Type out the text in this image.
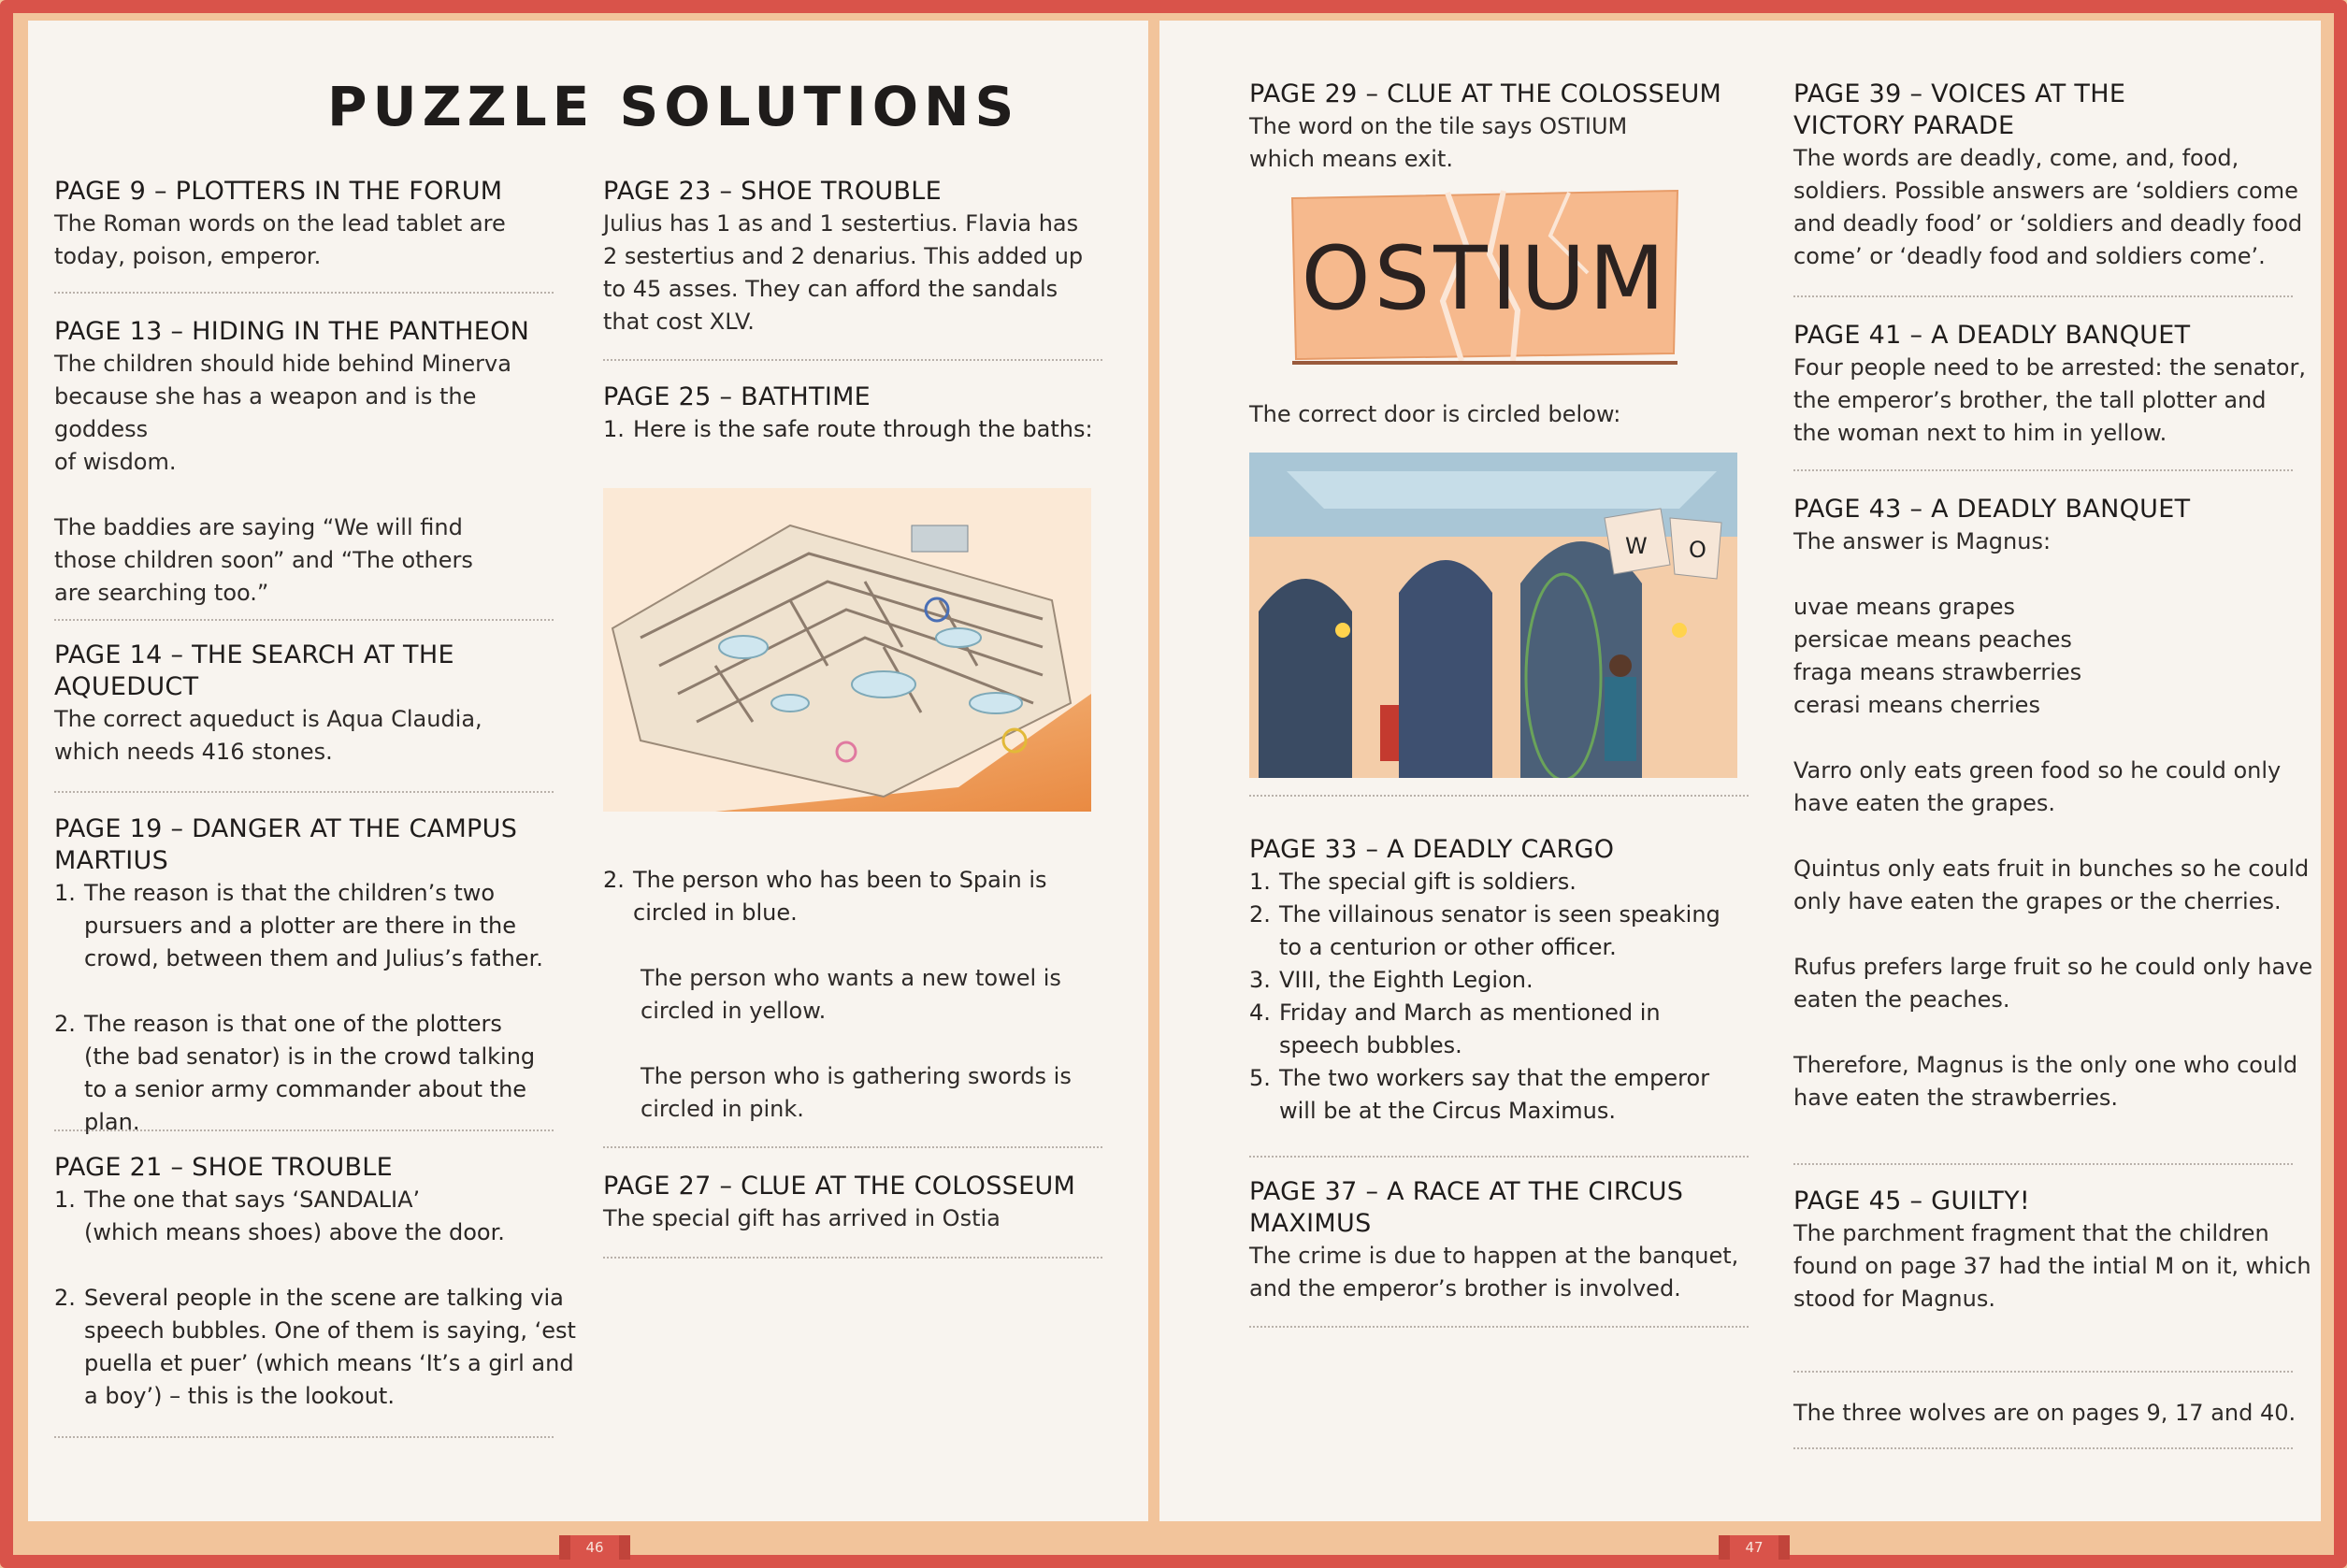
PUZZLE SOLUTIONS
PAGE 9 – PLOTTERS IN THE FORUM

The Roman words on the lead tablet are

today, poison, emperor.

PAGE 13 – HIDING IN THE PANTHEON

The children should hide behind Minerva

because she has a weapon and is the goddess

of wisdom.

The baddies are saying “We will find

those children soon” and “The others

are searching too.”

PAGE 14 – THE SEARCH AT THE
AQUEDUCT

The correct aqueduct is Aqua Claudia,

which needs 416 stones.

PAGE 19 – DANGER AT THE CAMPUS
MARTIUS
1. The reason is that the children’s two
pursuers and a plotter are there in the
crowd, between them and Julius’s father.
2. The reason is that one of the plotters
(the bad senator) is in the crowd talking
to a senior army commander about the plan.
PAGE 21 – SHOE TROUBLE
1. The one that says ‘SANDALIA’
(which means shoes) above the door.
2. Several people in the scene are talking via
speech bubbles. One of them is saying, ‘est
puella et puer’ (which means ‘It’s a girl and
a boy’) – this is the lookout.
PAGE 23 – SHOE TROUBLE

Julius has 1 as and 1 sestertius. Flavia has

2 sestertius and 2 denarius. This added up

to 45 asses. They can afford the sandals

that cost XLV.

PAGE 25 – BATHTIME
1. Here is the safe route through the baths:
2. The person who has been to Spain is
circled in blue.

The person who wants a new towel is

circled in yellow.

The person who is gathering swords is

circled in pink.

PAGE 27 – CLUE AT THE COLOSSEUM

The special gift has arrived in Ostia

46
PAGE 29 – CLUE AT THE COLOSSEUM

The word on the tile says OSTIUM

which means exit.

OSTIUM

The correct door is circled below:

W O
PAGE 33 – A DEADLY CARGO
1. The special gift is soldiers.
2. The villainous senator is seen speaking
to a centurion or other officer.
3. VIII, the Eighth Legion.
4. Friday and March as mentioned in
speech bubbles.
5. The two workers say that the emperor
will be at the Circus Maximus.
PAGE 37 – A RACE AT THE CIRCUS
MAXIMUS

The crime is due to happen at the banquet,

and the emperor’s brother is involved.

PAGE 39 – VOICES AT THE
VICTORY PARADE

The words are deadly, come, and, food,

soldiers. Possible answers are ‘soldiers come

and deadly food’ or ‘soldiers and deadly food

come’ or ‘deadly food and soldiers come’.

PAGE 41 – A DEADLY BANQUET

Four people need to be arrested: the senator,

the emperor’s brother, the tall plotter and

the woman next to him in yellow.

PAGE 43 – A DEADLY BANQUET

The answer is Magnus:

uvae means grapes

persicae means peaches

fraga means strawberries

cerasi means cherries

Varro only eats green food so he could only

have eaten the grapes.

Quintus only eats fruit in bunches so he could

only have eaten the grapes or the cherries.

Rufus prefers large fruit so he could only have

eaten the peaches.

Therefore, Magnus is the only one who could

have eaten the strawberries.

PAGE 45 – GUILTY!

The parchment fragment that the children

found on page 37 had the intial M on it, which

stood for Magnus.

The three wolves are on pages 9, 17 and 40.

47
